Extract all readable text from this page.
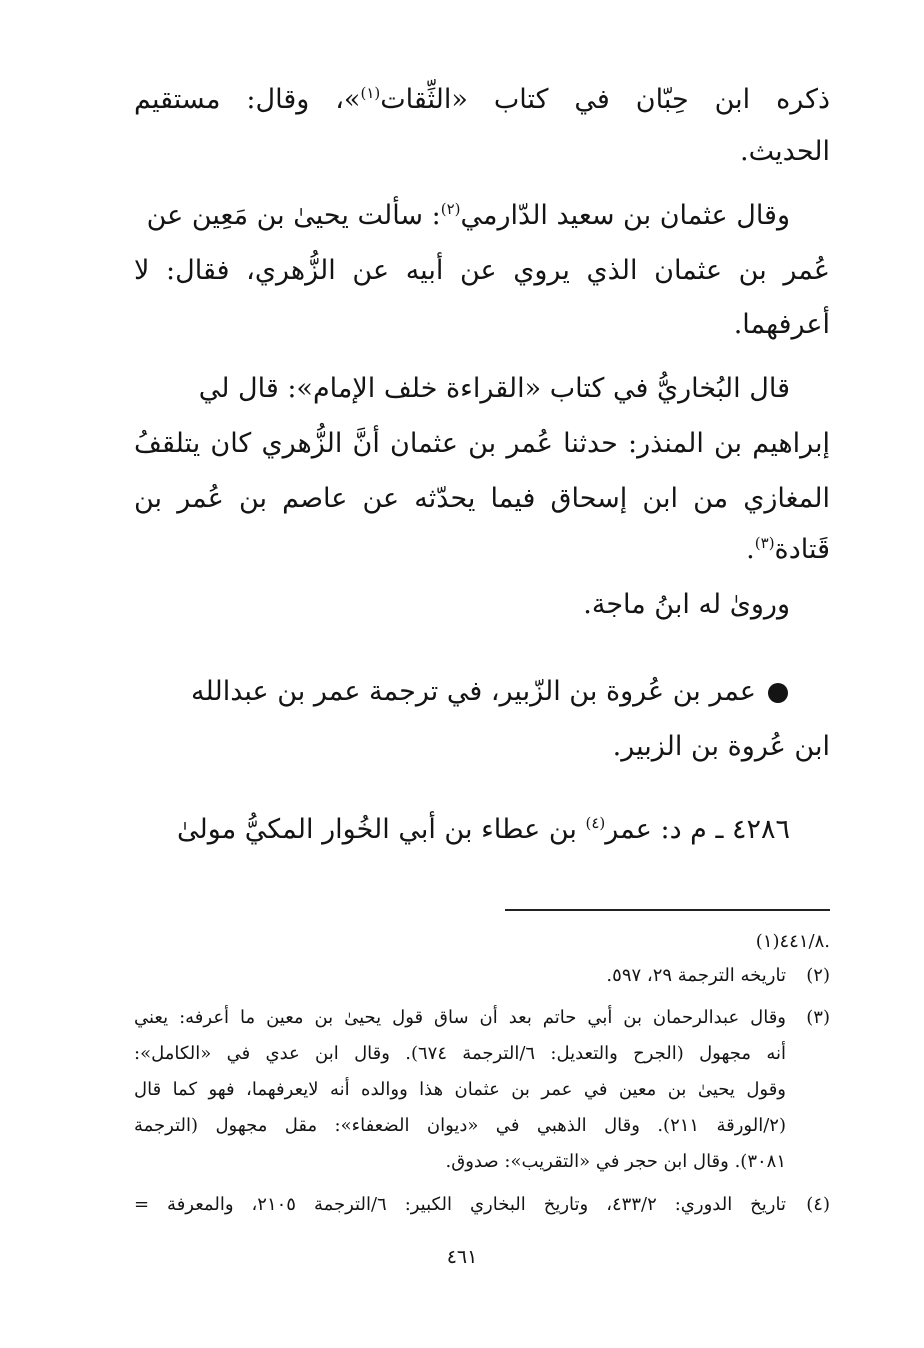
ذكره ابن حِبّان في كتاب «الثِّقات$^{(١)}$»، وقال: مستقيم
الحديث.
وقال عثمان بن سعيد الدّارمي$^{(٢)}$: سألت يحيىٰ بن مَعِين عن
عُمر بن عثمان الذي يروي عن أبيه عن الزُّهري، فقال: لا
أعرفهما.
قال البُخاريُّ في كتاب «القراءة خلف الإمام»: قال لي
إبراهيم بن المنذر: حدثنا عُمر بن عثمان أنَّ الزُّهري كان يتلقفُ
المغازي من ابن إسحاق فيما يحدّثه عن عاصم بن عُمر بن
قَتادة$^{(٣)}$.
وروىٰ له ابنُ ماجة.
عمر بن عُروة بن الزّبير، في ترجمة عمر بن عبدالله
ابن عُروة بن الزبير.
٤٢٨٦ ـ م د: عمر$^{(٤)}$ بن عطاء بن أبي الخُوار المكيُّ مولىٰ
(١)٤٤١/٨.
(٢)تاريخه الترجمة ٢٩، ٥٩٧.
(٣)وقال عبدالرحمان بن أبي حاتم بعد أن ساق قول يحيىٰ بن معين ما أعرفه: يعني
أنه مجهول (الجرح والتعديل: ٦/الترجمة ٦٧٤). وقال ابن عدي في «الكامل»:
وقول يحيىٰ بن معين في عمر بن عثمان هذا ووالده أنه لايعرفهما، فهو كما قال
(٢/الورقة ٢١١). وقال الذهبي في «ديوان الضعفاء»: مقل مجهول (الترجمة
٣٠٨١). وقال ابن حجر في «التقريب»: صدوق.
(٤)تاريخ الدوري: ٤٣٣/٢، وتاريخ البخاري الكبير: ٦/الترجمة ٢١٠٥، والمعرفة =
٤٦١
